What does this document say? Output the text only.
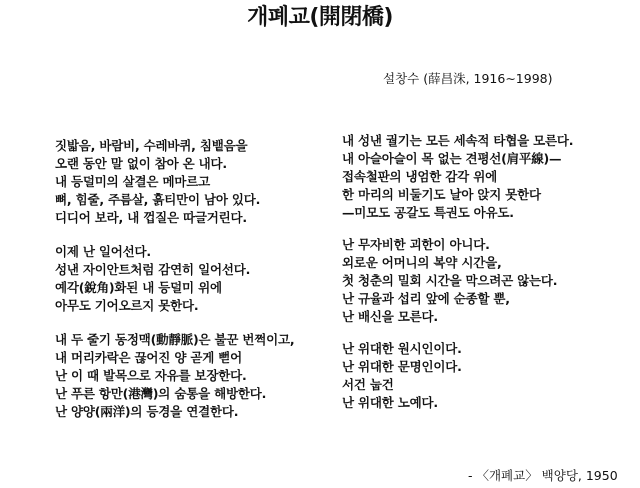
개폐교(開閉橋)
설창수 (薛昌洙, 1916∼1998)
짓밟음, 바람비, 수레바퀴, 침뱉음을
오랜 동안 말 없이 참아 온 내다.
내 등덜미의 살결은 메마르고
뼈, 힘줄, 주름살, 흙티만이 남아 있다.
디디어 보라, 내 껍질은 따글거린다.
이제 난 일어선다.
성낸 자이안트처럼 감연히 일어선다.
예각(銳角)화된 내 등덜미 위에
아무도 기어오르지 못한다.
내 두 줄기 동정맥(動靜脈)은 불꾼 번쩍이고,
내 머리카락은 끊어진 양 곧게 뻗어
난 이 때 발목으로 자유를 보장한다.
난 푸른 항만(港灣)의 숨통을 해방한다.
난 양양(兩洋)의 등경을 연결한다.
내 성낸 궐기는 모든 세속적 타협을 모른다.
내 아슬아슬이 목 없는 견평선(肩平線)—
접속철판의 냉엄한 감각 위에
한 마리의 비둘기도 날아 앉지 못한다
—미모도 공갈도 특권도 아유도.
난 무자비한 괴한이 아니다.
외로운 어머니의 복약 시간을,
첫 청춘의 밀회 시간을 막으려곤 않는다.
난 규율과 섭리 앞에 순종할 뿐,
난 배신을 모른다.
난 위대한 원시인이다.
난 위대한 문명인이다.
서건 눕건
난 위대한 노예다.
- 〈개폐교〉 백양당, 1950
